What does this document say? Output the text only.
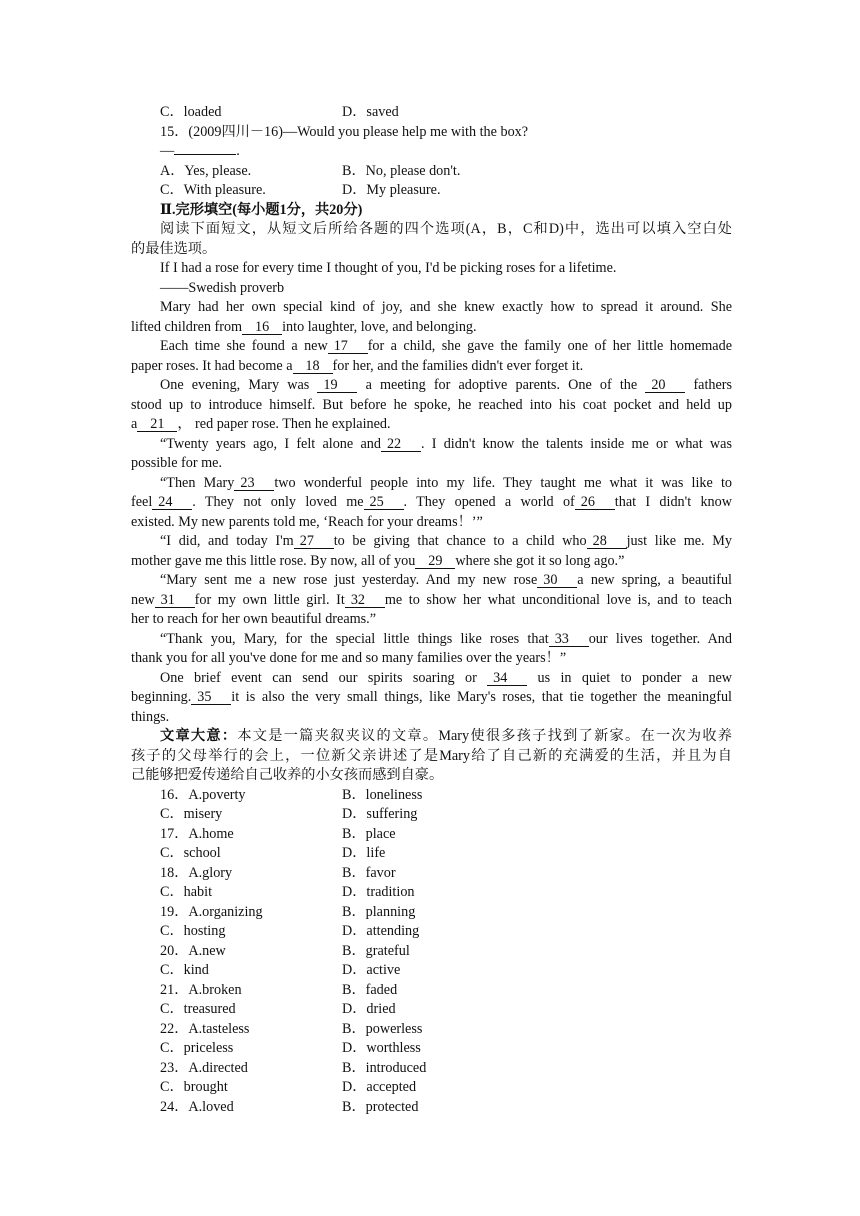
C．loaded	D．saved
15．(2009四川－16)—Would you please help me with the box?
—	.
A．Yes, please.	B．No, please don't.
C．With pleasure.	D．My pleasure.
Ⅱ.完形填空(每小题1分，共20分)
阅读下面短文，从短文后所给各题的四个选项(A，B，C和D)中，选出可以填入空白处
的最佳选项。
If I had a rose for every time I thought of you, I'd be picking roses for a lifetime.
——Swedish proverb
Mary had her own special kind of joy, and she knew exactly how to spread it around. She
lifted children from 16 into laughter, love, and belonging.
Each time she found a new 17 for a child, she gave the family one of her little homemade
paper roses. It had become a 18 for her, and the families didn't ever forget it.
One evening, Mary was 19 a meeting for adoptive parents. One of the 20 fathers
stood up to introduce himself. But before he spoke, he reached into his coat pocket and held up
a 21 ， red paper rose. Then he explained.
“Twenty years ago, I felt alone and 22 . I didn't know the talents inside me or what was
possible for me.
“Then Mary 23 two wonderful people into my life. They taught me what it was like to
feel 24 . They not only loved me 25 . They opened a world of 26 that I didn't know
existed. My new parents told me, ‘Reach for your dreams！’”
“I did, and today I'm 27 to be giving that chance to a child who 28 just like me. My
mother gave me this little rose. By now, all of you 29 where she got it so long ago.”
“Mary sent me a new rose just yesterday. And my new rose 30 a new spring, a beautiful
new 31 for my own little girl. It 32 me to show her what unconditional love is, and to teach
her to reach for her own beautiful dreams.”
“Thank you, Mary, for the special little things like roses that 33 our lives together. And
thank you for all you've done for me and so many families over the years！”
One brief event can send our spirits soaring or 34 us in quiet to ponder a new
beginning. 35 it is also the very small things, like Mary's roses, that tie together the meaningful
things.
文章大意：本文是一篇夹叙夹议的文章。Mary使很多孩子找到了新家。在一次为收养
孩子的父母举行的会上，一位新父亲讲述了是Mary给了自己新的充满爱的生活，并且为自
己能够把爱传递给自己收养的小女孩而感到自豪。
16．A.poverty	B．loneliness
C．misery	D．suffering
17．A.home	B．place
C．school	D．life
18．A.glory	B．favor
C．habit	D．tradition
19．A.organizing	B．planning
C．hosting	D．attending
20．A.new	B．grateful
C．kind	D．active
21．A.broken	B．faded
C．treasured	D．dried
22．A.tasteless	B．powerless
C．priceless	D．worthless
23．A.directed	B．introduced
C．brought	D．accepted
24．A.loved	B．protected
